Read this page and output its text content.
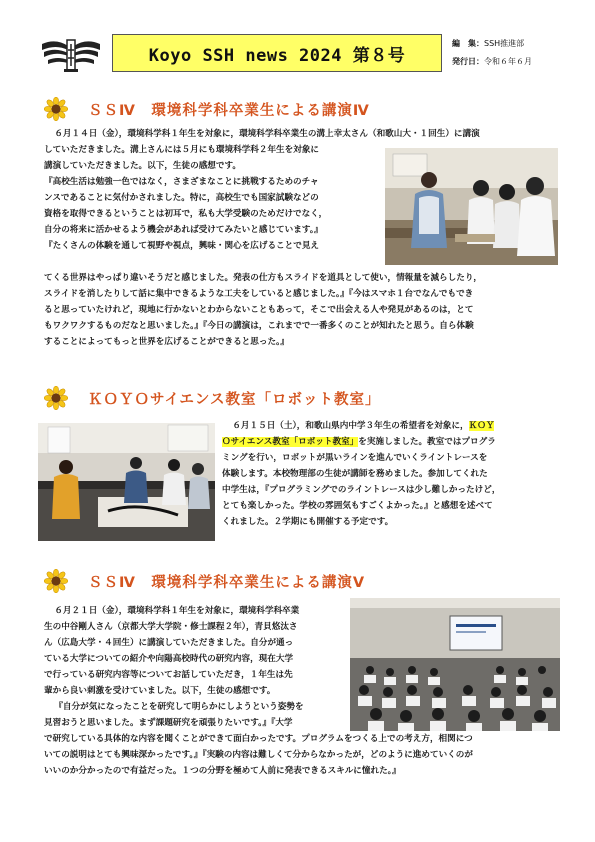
Koyo SSH news 2024 第８号
編　集：SSH推進部
発行日：令和６年６月
ＳＳⅣ　環境科学科卒業生による講演Ⅳ

６月１４日（金），環境科学科１年生を対象に，環境科学科卒業生の溝上幸太さん（和歌山大・１回生）に講演

していただきました。溝上さんには５月にも環境科学科２年生を対象に

講演していただきました。以下，生徒の感想です。

『高校生活は勉強一色ではなく，さまざまなことに挑戦するためのチャ

ンスであることに気付かされました。特に，高校生でも国家試験などの

資格を取得できるということは初耳で，私も大学受験のためだけでなく，

自分の将来に活かせるよう機会があれば受けてみたいと感じています。』

『たくさんの体験を通して視野や視点，興味・関心を広げることで見え

てくる世界はやっぱり違いそうだと感じました。発表の仕方もスライドを道具として使い，情報量を減らしたり，

スライドを消したりして話に集中できるような工夫をしていると感じました。』『今はスマホ１台でなんでもでき

ると思っていたけれど，現地に行かないとわからないこともあって，そこで出会える人や発見があるのは，とて

もワクワクするものだなと思いました。』『今日の講演は，これまでで一番多くのことが知れたと思う。自ら体験

することによってもっと世界を広げることができると思った。』

ＫＯＹＯサイエンス教室「ロボット教室」

６月１５日（土），和歌山県内中学３年生の希望者を対象に，ＫＯＹ

Ｏサイエンス教室「ロボット教室」を実施しました。教室ではプログラ

ミングを行い，ロボットが黒いラインを進んでいくライントレースを

体験します。本校物理部の生徒が講師を務めました。参加してくれた

中学生は，『プログラミングでのライントレースは少し難しかったけど，

とても楽しかった。学校の雰囲気もすごくよかった。』と感想を述べて

くれました。２学期にも開催する予定です。

ＳＳⅣ　環境科学科卒業生による講演Ⅴ

６月２１日（金），環境科学科１年生を対象に，環境科学科卒業

生の中谷剛人さん（京都大学大学院・修士課程２年），青貝悠汰さ

ん（広島大学・４回生）に講演していただきました。自分が通っ

ている大学についての紹介や向陽高校時代の研究内容，現在大学

で行っている研究内容等についてお話していただき，１年生は先

輩から良い刺激を受けていました。以下，生徒の感想です。

『自分が気になったことを研究して明らかにしようという姿勢を

見習おうと思いました。まず課題研究を頑張りたいです。』『大学

で研究している具体的な内容を聞くことができて面白かったです。プログラムをつくる上での考え方，相関につ

いての説明はとても興味深かったです。』『実験の内容は難しくて分からなかったが，どのように進めていくのが

いいのか分かったので有益だった。１つの分野を極めて人前に発表できるスキルに憧れた。』
